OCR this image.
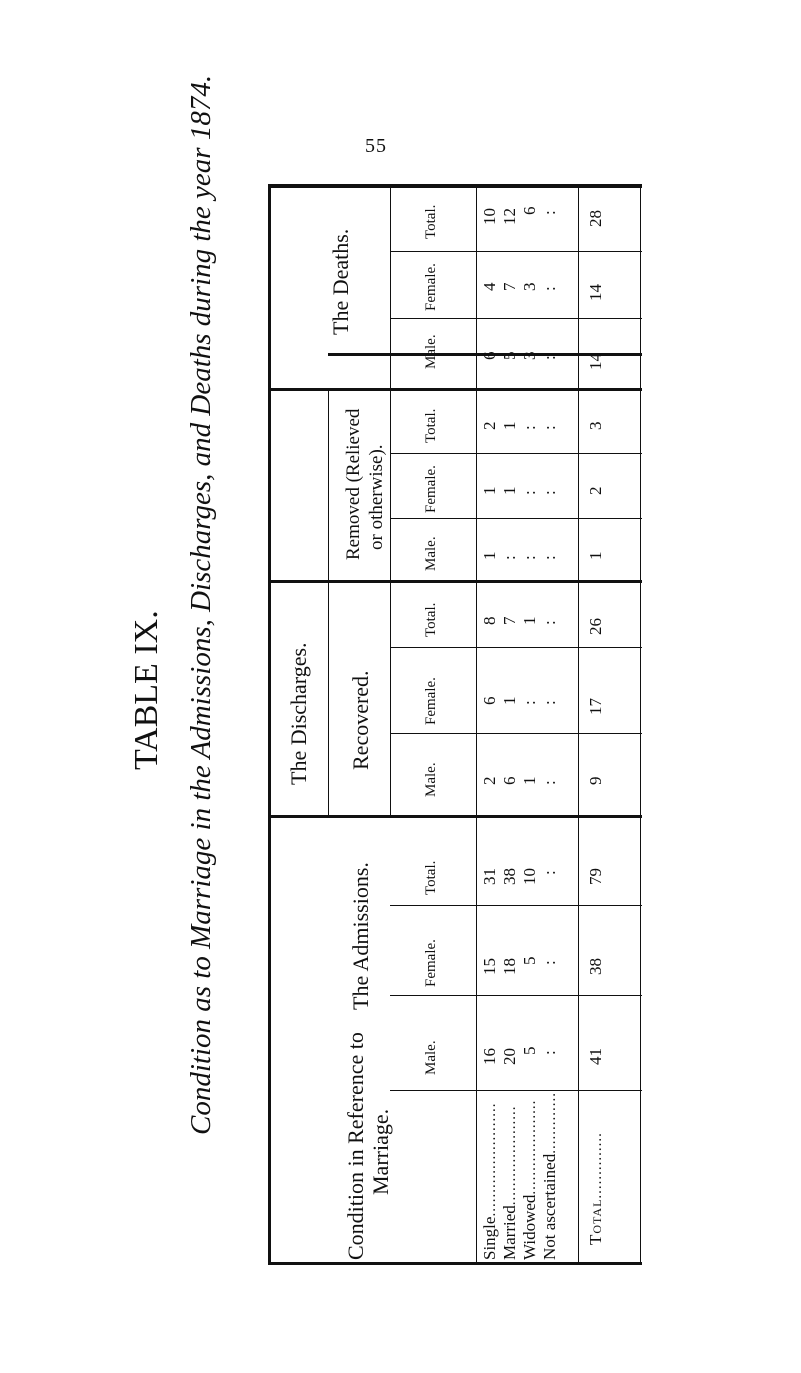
55
TABLE IX. Condition as to Marriage in the Admissions, Discharges, and Deaths during the year 1874.	The Deaths.
The Discharges.
Removed (Relieved or otherwise).
Recovered.
The Admissions.
Condition in Reference to Marriage.
Total.
Female.
Male.
Total.
Female.
Male.
Total.
Female.
Male.
Total.
Female.
Male.
10 12 6 : 28
4 7 3 : 14
6 5 3 : 14
2 1 : : 3
1 1 : : 2
1 : : : 1
8 7 1 : 26
6 1 : : 17
2 6 1 : 9
31 38 10 : 79
15 18 5 : 38
16 20 5 : 41
Single........................
Married.....................
Widowed....................
Not ascertained.............
Total..............
